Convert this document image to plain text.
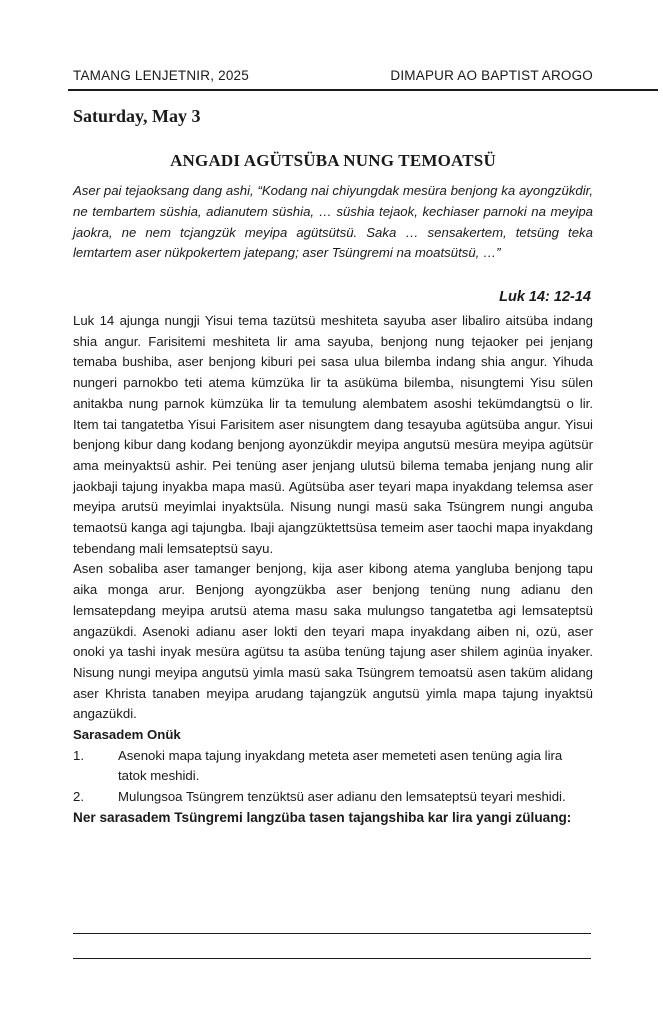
TAMANG LENJETNIR, 2025	DIMAPUR AO BAPTIST AROGO
Saturday, May 3
ANGADI AGÜTSÜBA NUNG TEMOATSÜ

Aser pai tejaoksang dang ashi, “Kodang nai chiyungdak mesüra benjong ka ayongzükdir, ne tembartem süshia, adianutem süshia, … süshia tejaok, kechiaser parnoki na meyipa jaokra, ne nem tcjangzük meyipa agütsütsü. Saka … sensakertem, tetsüng teka lemtartem aser nükpokertem jatepang; aser Tsüngremi na moatsütsü, …”

Luk 14: 12-14

Luk 14 ajunga nungji Yisui tema tazütsü meshiteta sayuba aser libaliro aitsüba indang shia angur. Farisitemi meshiteta lir ama sayuba, benjong nung tejaoker pei jenjang temaba bushiba, aser benjong kiburi pei sasa ulua bilemba indang shia angur. Yihuda nungeri parnokbo teti atema kümzüka lir ta asüküma bilemba, nisungtemi Yisu sülen anitakba nung parnok kümzüka lir ta temulung alembatem asoshi tekümdangtsü o lir. Item tai tangatetba Yisui Farisitem aser nisungtem dang tesayuba agütsüba angur. Yisui benjong kibur dang kodang benjong ayonzükdir meyipa angutsü mesüra meyipa agütsür ama meinyaktsü ashir. Pei tenüng aser jenjang ulutsü bilema temaba jenjang nung alir jaokbaji tajung inyakba mapa masü. Agütsüba aser teyari mapa inyakdang telemsa aser meyipa arutsü meyimlai inyaktsüla. Nisung nungi masü saka Tsüngrem nungi anguba temaotsü kanga agi tajungba. Ibaji ajangzüktettsüsa temeim aser taochi mapa inyakdang tebendang mali lemsateptsü sayu.

Asen sobaliba aser tamanger benjong, kija aser kibong atema yangluba benjong tapu aika monga arur. Benjong ayongzükba aser benjong tenüng nung adianu den lemsatepdang meyipa arutsü atema masu saka mulungso tangatetba agi lemsateptsü angazükdi. Asenoki adianu aser lokti den teyari mapa inyakdang aiben ni, ozü, aser onoki ya tashi inyak mesüra agütsu ta asüba tenüng tajung aser shilem aginüa inyaker. Nisung nungi meyipa angutsü yimla masü saka Tsüngrem temoatsü asen taküm alidang aser Khrista tanaben meyipa arudang tajangzük angutsü yimla mapa tajung inyaktsü angazükdi.

Sarasadem Onük
1.	Asenoki mapa tajung inyakdang meteta aser memeteti asen tenüng agia lira tatok meshidi.
2.	Mulungsoa Tsüngrem tenzüktsü aser adianu den lemsateptsü teyari meshidi.
Ner sarasadem Tsüngremi langzüba tasen tajangshiba kar lira yangi züluang:
